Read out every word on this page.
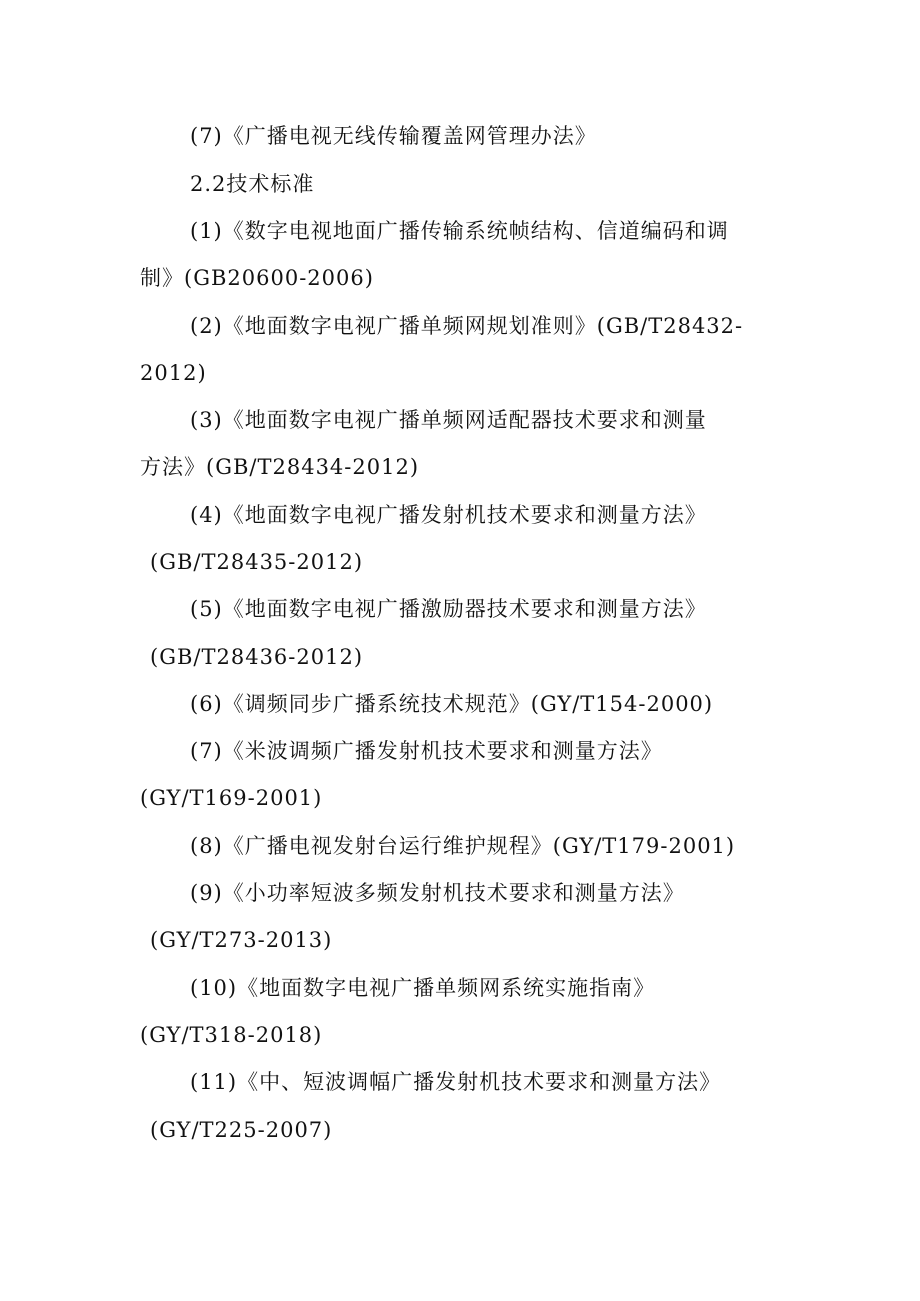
(7)《广播电视无线传输覆盖网管理办法》

2.2技术标准

(1)《数字电视地面广播传输系统帧结构、信道编码和调

制》(GB20600-2006)

(2)《地面数字电视广播单频网规划准则》(GB/T28432-

2012)

(3)《地面数字电视广播单频网适配器技术要求和测量

方法》(GB/T28434-2012)

(4)《地面数字电视广播发射机技术要求和测量方法》

(GB/T28435-2012)

(5)《地面数字电视广播激励器技术要求和测量方法》

(GB/T28436-2012)

(6)《调频同步广播系统技术规范》(GY/T154-2000)

(7)《米波调频广播发射机技术要求和测量方法》

(GY/T169-2001)

(8)《广播电视发射台运行维护规程》(GY/T179-2001)

(9)《小功率短波多频发射机技术要求和测量方法》

(GY/T273-2013)

(10)《地面数字电视广播单频网系统实施指南》

(GY/T318-2018)

(11)《中、短波调幅广播发射机技术要求和测量方法》

(GY/T225-2007)
